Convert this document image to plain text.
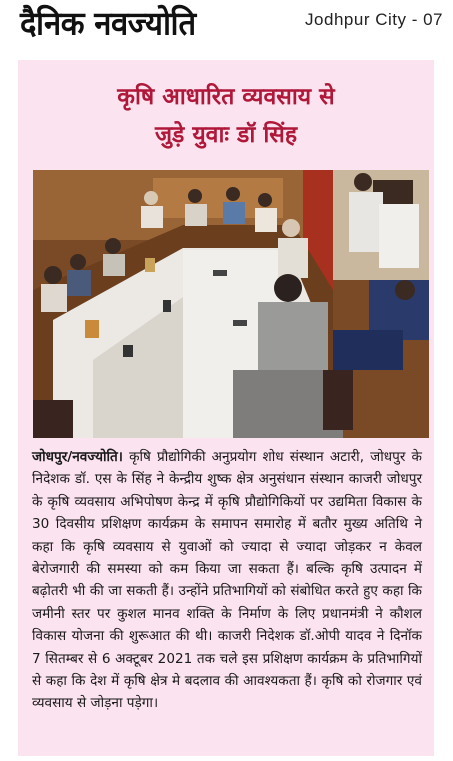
दैनिक नवज्योति	Jodhpur City - 07
कृषि आधारित व्यवसाय से
जुड़े युवाः डॉ सिंह
जोधपुर/नवज्योति। कृषि प्रौद्योगिकी अनुप्रयोग शोध संस्थान अटारी, जोधपुर के निदेशक डॉ. एस के सिंह ने केन्द्रीय शुष्क क्षेत्र अनुसंधान संस्थान काजरी जोधपुर के कृषि व्यवसाय अभिपोषण केन्द्र में कृषि प्रौद्योगिकियों पर उद्यमिता विकास के 30 दिवसीय प्रशिक्षण कार्यक्रम के समापन समारोह में बतौर मुख्य अतिथि ने कहा कि कृषि व्यवसाय से युवाओं को ज्यादा से ज्यादा जोड़कर न केवल बेरोजगारी की समस्या को कम किया जा सकता हैं। बल्कि कृषि उत्पादन में बढ़ोतरी भी की जा सकती हैं। उन्होंने प्रतिभागियों को संबोधित करते हुए कहा कि जमीनी स्तर पर कुशल मानव शक्ति के निर्माण के लिए प्रधानमंत्री ने कौशल विकास योजना की शुरूआत की थी। काजरी निदेशक डॉ.ओपी यादव ने दिनॉक 7 सितम्बर से 6 अक्टूबर 2021 तक चले इस प्रशिक्षण कार्यक्रम के प्रतिभागियों से कहा कि देश में कृषि क्षेत्र मे बदलाव की आवश्यकता हैं। कृषि को रोजगार एवं व्यवसाय से जोड़ना पड़ेगा।
